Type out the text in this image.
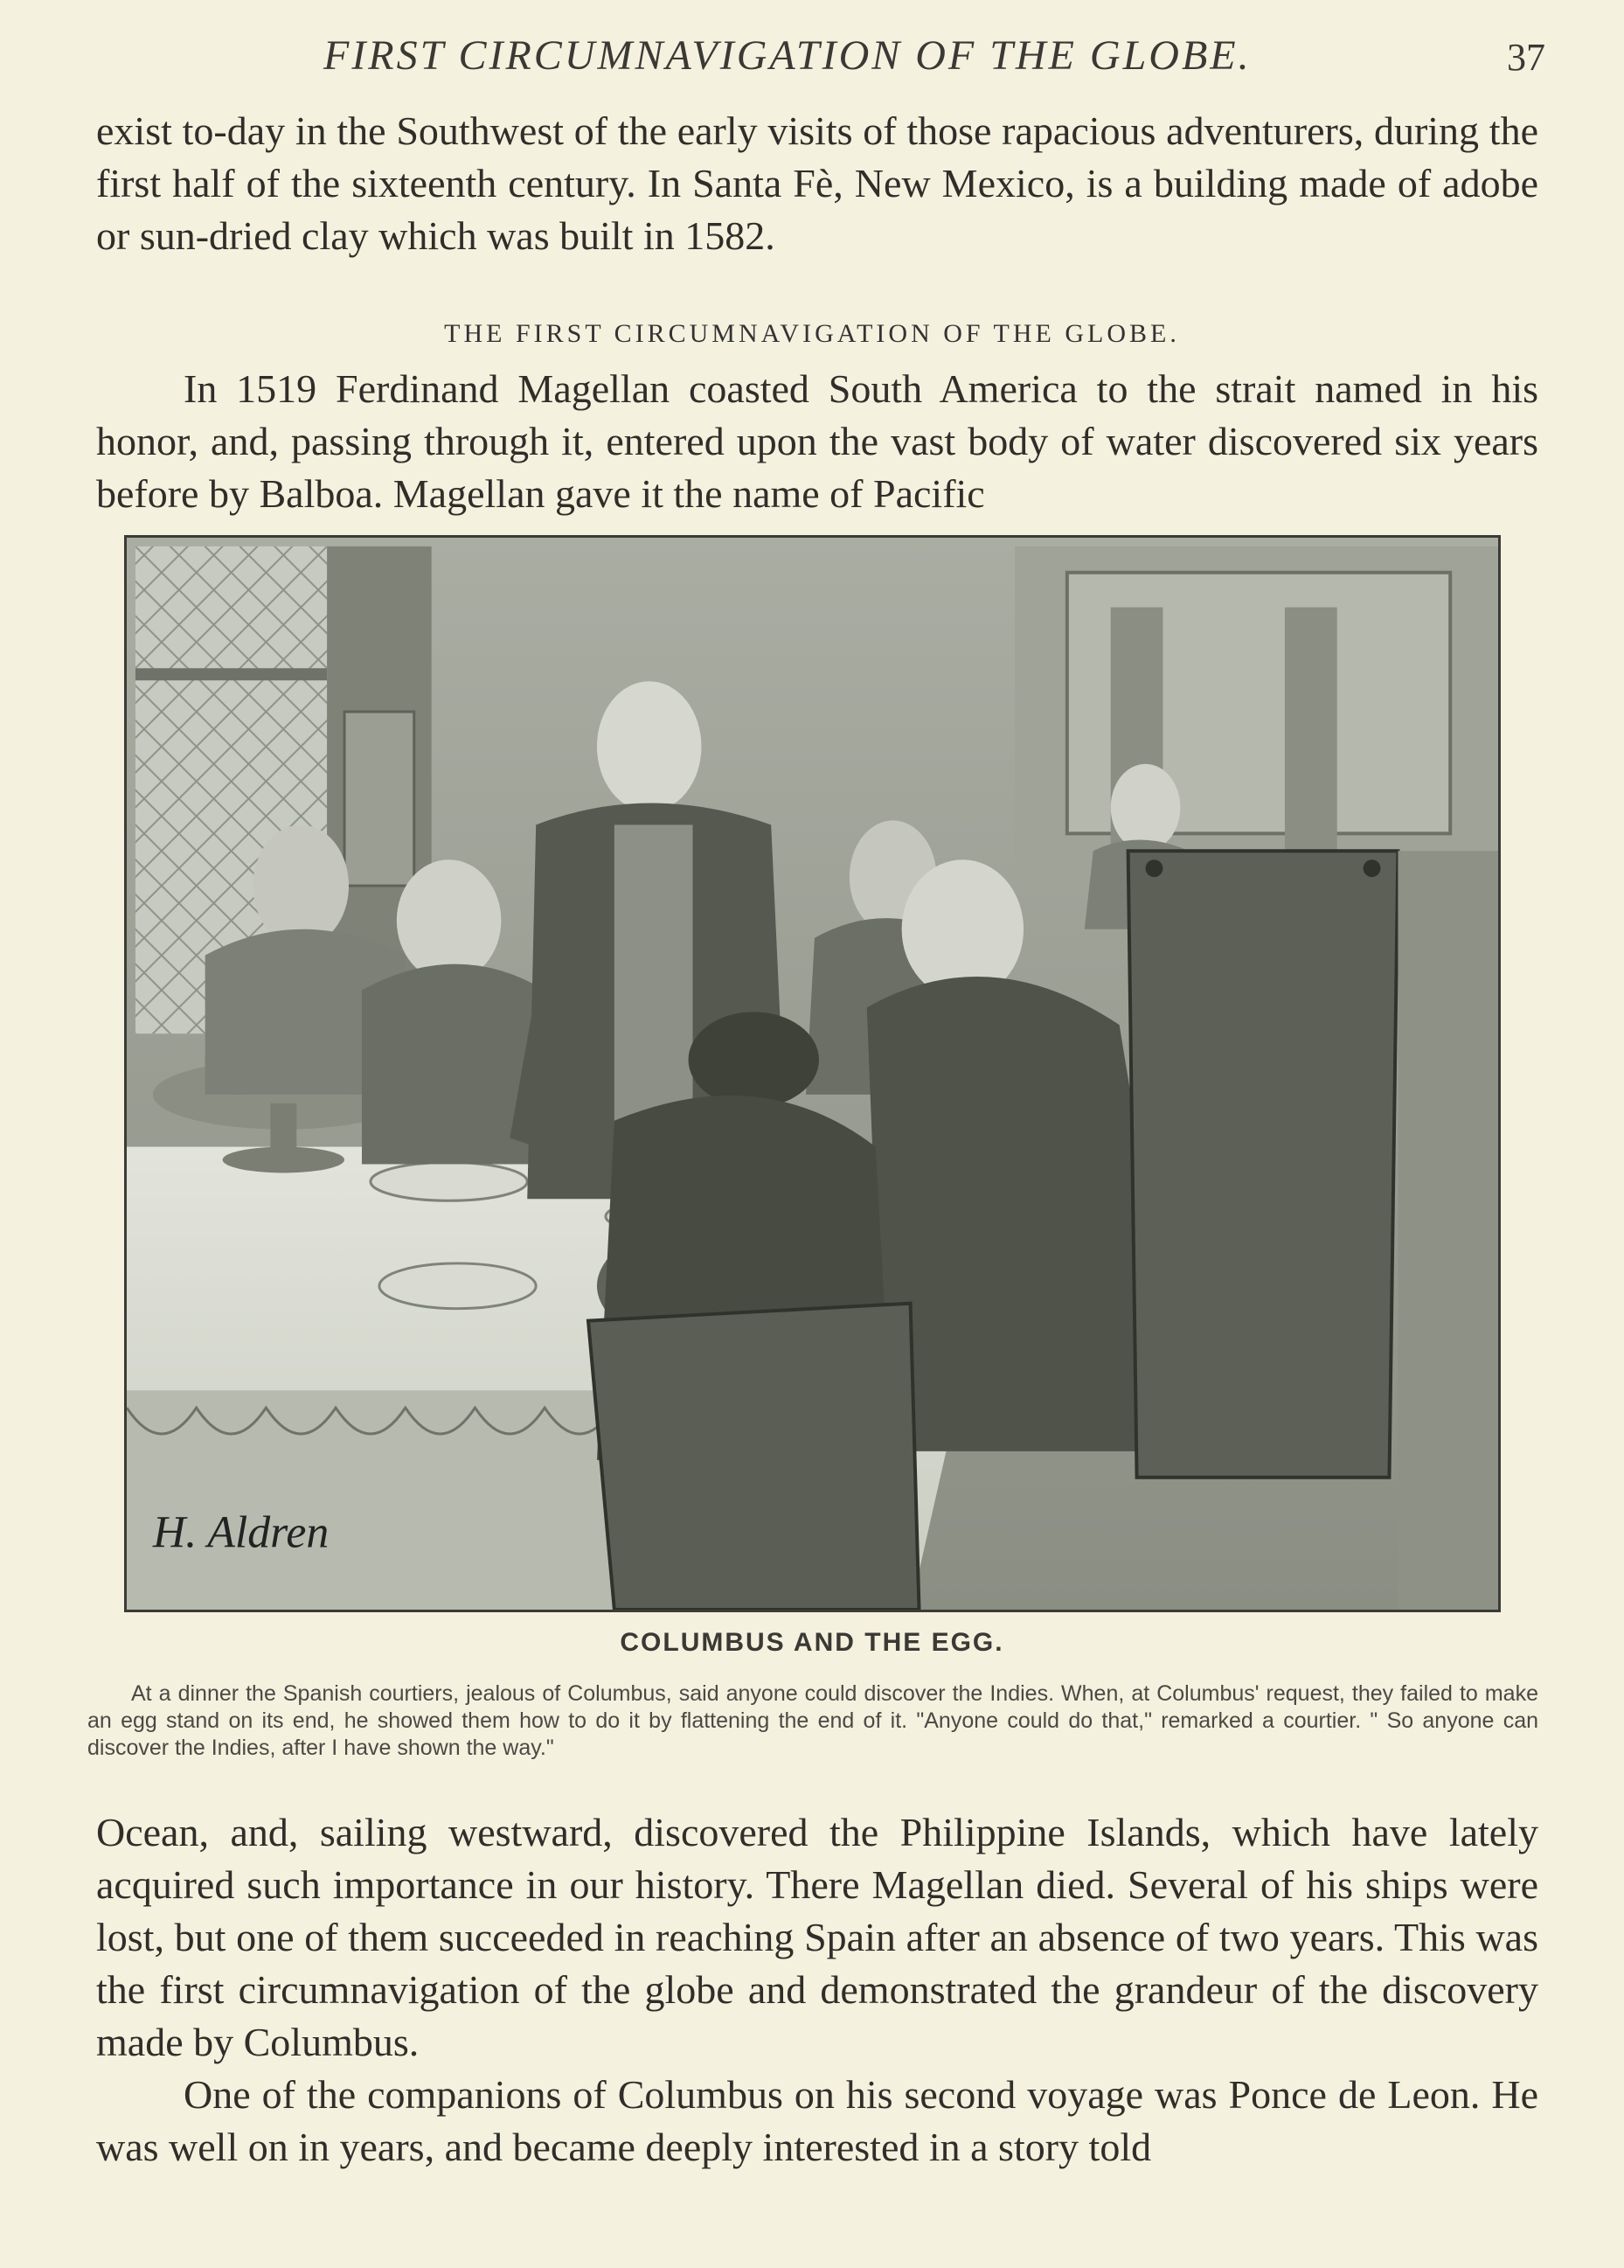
FIRST CIRCUMNAVIGATION OF THE GLOBE.	37

exist to-day in the Southwest of the early visits of those rapacious adventurers, during the first half of the sixteenth century. In Santa Fè, New Mexico, is a building made of adobe or sun-dried clay which was built in 1582.

THE FIRST CIRCUMNAVIGATION OF THE GLOBE.

In 1519 Ferdinand Magellan coasted South America to the strait named in his honor, and, passing through it, entered upon the vast body of water discovered six years before by Balboa. Magellan gave it the name of Pacific

H. Aldren
COLUMBUS AND THE EGG.

At a dinner the Spanish courtiers, jealous of Columbus, said anyone could discover the Indies. When, at Columbus' request, they failed to make an egg stand on its end, he showed them how to do it by flattening the end of it. "Anyone could do that," remarked a courtier. " So anyone can discover the Indies, after I have shown the way."

Ocean, and, sailing westward, discovered the Philippine Islands, which have lately acquired such importance in our history. There Magellan died. Several of his ships were lost, but one of them succeeded in reaching Spain after an absence of two years. This was the first circumnavigation of the globe and demonstrated the grandeur of the discovery made by Columbus.

One of the companions of Columbus on his second voyage was Ponce de Leon. He was well on in years, and became deeply interested in a story told
